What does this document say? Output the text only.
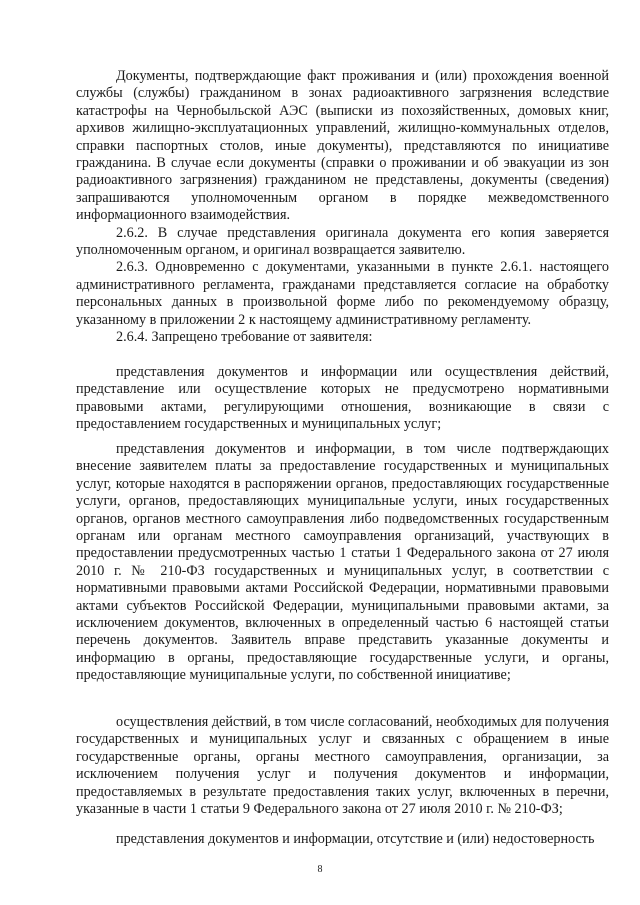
Документы, подтверждающие факт проживания и (или) прохождения военной службы (службы) гражданином в зонах радиоактивного загрязнения вследствие катастрофы на Чернобыльской АЭС (выписки из похозяйственных, домовых книг, архивов жилищно-эксплуатационных управлений, жилищно-коммунальных отделов, справки паспортных столов, иные документы), представляются по инициативе гражданина. В случае если документы (справки о проживании и об эвакуации из зон радиоактивного загрязнения) гражданином не представлены, документы (сведения) запрашиваются уполномоченным органом в порядке межведомственного информационного взаимодействия.

2.6.2. В случае представления оригинала документа его копия заверяется уполномоченным органом, и оригинал возвращается заявителю.

2.6.3. Одновременно с документами, указанными в пункте 2.6.1. настоящего административного регламента, гражданами представляется согласие на обработку персональных данных в произвольной форме либо по рекомендуемому образцу, указанному в приложении 2 к настоящему административному регламенту.

2.6.4. Запрещено требование от заявителя:

представления документов и информации или осуществления действий, представление или осуществление которых не предусмотрено нормативными правовыми актами, регулирующими отношения, возникающие в связи с предоставлением государственных и муниципальных услуг;

представления документов и информации, в том числе подтверждающих внесение заявителем платы за предоставление государственных и муниципальных услуг, которые находятся в распоряжении органов, предоставляющих государственные услуги, органов, предоставляющих муниципальные услуги, иных государственных органов, органов местного самоуправления либо подведомственных государственным органам или органам местного самоуправления организаций, участвующих в предоставлении предусмотренных частью 1 статьи 1 Федерального закона от 27 июля 2010 г. № 210-ФЗ государственных и муниципальных услуг, в соответствии с нормативными правовыми актами Российской Федерации, нормативными правовыми актами субъектов Российской Федерации, муниципальными правовыми актами, за исключением документов, включенных в определенный частью 6 настоящей статьи перечень документов. Заявитель вправе представить указанные документы и информацию в органы, предоставляющие государственные услуги, и органы, предоставляющие муниципальные услуги, по собственной инициативе;

осуществления действий, в том числе согласований, необходимых для получения государственных и муниципальных услуг и связанных с обращением в иные государственные органы, органы местного самоуправления, организации, за исключением получения услуг и получения документов и информации, предоставляемых в результате предоставления таких услуг, включенных в перечни, указанные в части 1 статьи 9 Федерального закона от 27 июля 2010 г. № 210-ФЗ;

представления документов и информации, отсутствие и (или) недостоверность

8
